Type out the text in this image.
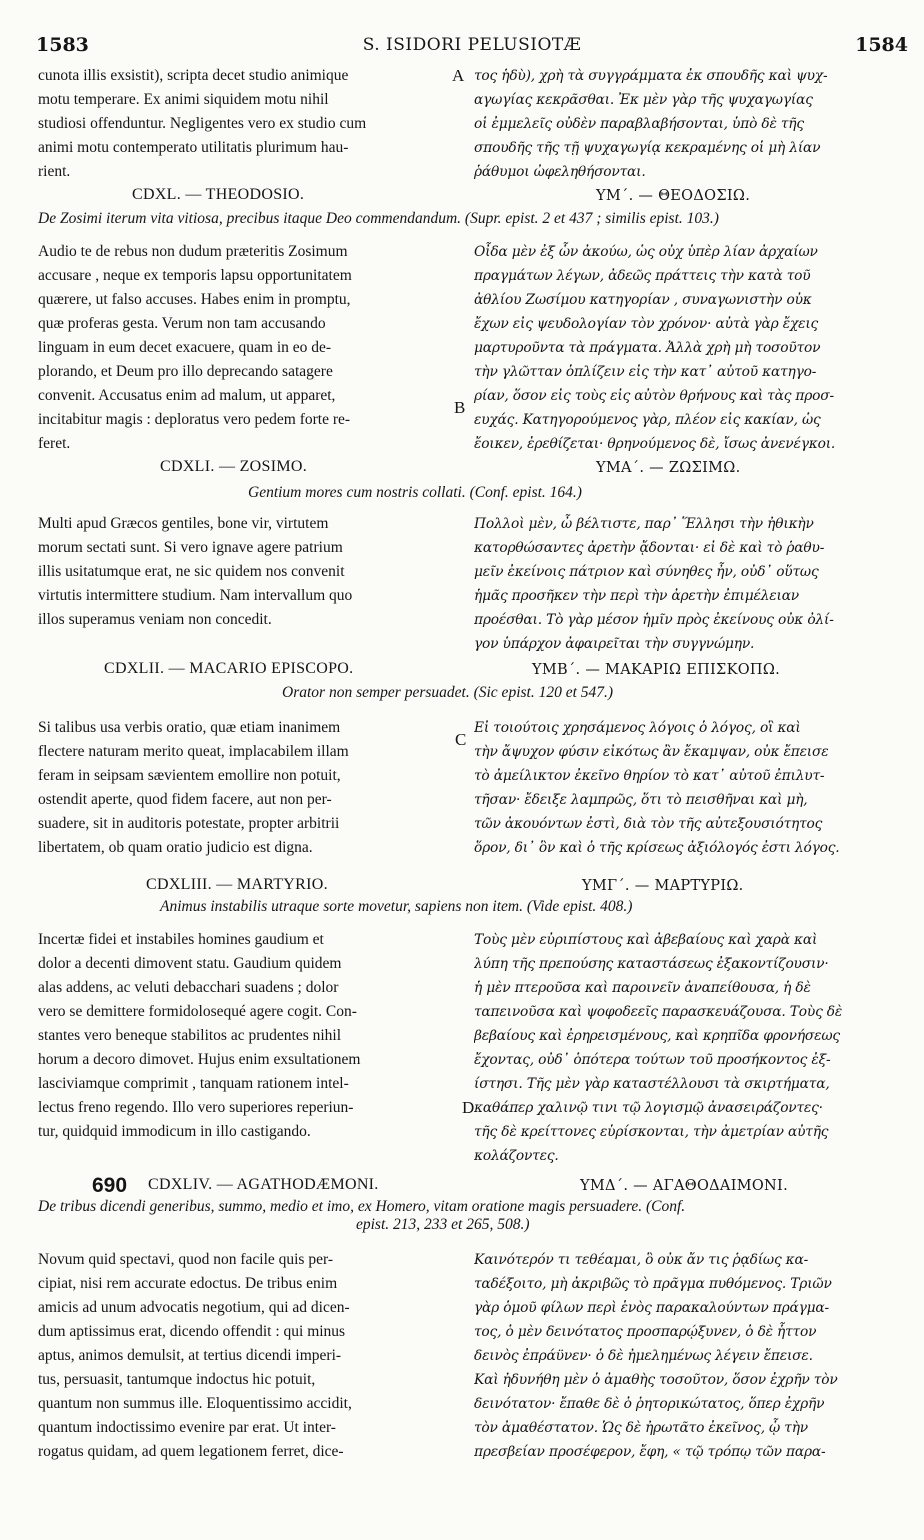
1583	S. ISIDORI PELUSIOTÆ	1584
cunota illis exsistit), scripta decet studio animique
motu temperare. Ex animi siquidem motu nihil
studiosi offenduntur. Negligentes vero ex studio cum
animi motu contemperato utilitatis plurimum hau-
rient.
A τος ἡδὺ), χρὴ τὰ συγγράμματα ἐκ σπουδῆς καὶ ψυχ-
αγωγίας κεκρᾶσθαι. Ἐκ μὲν γὰρ τῆς ψυχαγωγίας
οἱ ἐμμελεῖς οὐδὲν παραβλαβήσονται, ὑπὸ δὲ τῆς
σπουδῆς τῆς τῇ ψυχαγωγίᾳ κεκραμένης οἱ μὴ λίαν
ῥάθυμοι ὠφεληθήσονται.
CDXL. — THEODOSIO.	ΥΜ΄. — ΘΕΟΔΟΣΙΩ.
De Zosimi iterum vita vitiosa, precibus itaque Deo commendandum. (Supr. epist. 2 et 437 ; similis epist. 103.)
Audio te de rebus non dudum præteritis Zosimum
accusare , neque ex temporis lapsu opportunitatem
quærere, ut falso accuses. Habes enim in promptu,
quæ proferas gesta. Verum non tam accusando
linguam in eum decet exacuere, quam in eo de-
plorando, et Deum pro illo deprecando satagere
convenit. Accusatus enim ad malum, ut apparet,
incitabitur magis : deploratus vero pedem forte re-
feret.
B
Οἶδα μὲν ἐξ ὧν ἀκούω, ὡς οὐχ ὑπὲρ λίαν ἀρχαίων
πραγμάτων λέγων, ἀδεῶς πράττεις τὴν κατὰ τοῦ
ἀθλίου Ζωσίμου κατηγορίαν , συναγωνιστὴν οὐκ
ἔχων εἰς ψευδολογίαν τὸν χρόνον· αὐτὰ γὰρ ἔχεις
μαρτυροῦντα τὰ πράγματα. Ἀλλὰ χρὴ μὴ τοσοῦτον
τὴν γλῶτταν ὁπλίζειν εἰς τὴν κατ᾽ αὐτοῦ κατηγο-
ρίαν, ὅσον εἰς τοὺς εἰς αὐτὸν θρήνους καὶ τὰς προσ-
ευχάς. Κατηγορούμενος γὰρ, πλέον εἰς κακίαν, ὡς
ἔοικεν, ἐρεθίζεται· θρηνούμενος δὲ, ἴσως ἀνενέγκοι.
CDXLI. — ZOSIMO.	ΥΜΑ΄. — ΖΩΣΙΜΩ.
Gentium mores cum nostris collati. (Conf. epist. 164.)
Multi apud Græcos gentiles, bone vir, virtutem
morum sectati sunt. Si vero ignave agere patrium
illis usitatumque erat, ne sic quidem nos convenit
virtutis intermittere studium. Nam intervallum quo
illos superamus veniam non concedit.
Πολλοὶ μὲν, ὦ βέλτιστε, παρ᾽ Ἕλλησι τὴν ἠθικὴν
κατορθώσαντες ἀρετὴν ᾄδονται· εἰ δὲ καὶ τὸ ῥαθυ-
μεῖν ἐκείνοις πάτριον καὶ σύνηθες ἦν, οὐδ᾽ οὕτως
ἡμᾶς προσῆκεν τὴν περὶ τὴν ἀρετὴν ἐπιμέλειαν
προέσθαι. Τὸ γὰρ μέσον ἡμῖν πρὸς ἐκείνους οὐκ ὀλί-
γον ὑπάρχον ἀφαιρεῖται τὴν συγγνώμην.
CDXLII. — MACARIO EPISCOPO.	ΥΜΒ΄. — ΜΑΚΑΡΙΩ ΕΠΙΣΚΟΠΩ.
Orator non semper persuadet. (Sic epist. 120 et 547.)
Si talibus usa verbis oratio, quæ etiam inanimem
flectere naturam merito queat, implacabilem illam
feram in seipsam sævientem emollire non potuit,
ostendit aperte, quod fidem facere, aut non per-
suadere, sit in auditoris potestate, propter arbitrii
libertatem, ob quam oratio judicio est digna.
C
Εἰ τοιούτοις χρησάμενος λόγοις ὁ λόγος, οἳ καὶ
τὴν ἄψυχον φύσιν εἰκότως ἂν ἔκαμψαν, οὐκ ἔπεισε
τὸ ἀμείλικτον ἐκεῖνο θηρίον τὸ κατ᾽ αὐτοῦ ἐπιλυτ-
τῆσαν· ἔδειξε λαμπρῶς, ὅτι τὸ πεισθῆναι καὶ μὴ,
τῶν ἀκουόντων ἐστὶ, διὰ τὸν τῆς αὐτεξουσιότητος
ὅρον, δι᾽ ὃν καὶ ὁ τῆς κρίσεως ἀξιόλογός ἐστι λόγος.
CDXLIII. — MARTYRIO.	ΥΜΓ΄. — ΜΑΡΤΥΡΙΩ.
Animus instabilis utraque sorte movetur, sapiens non item. (Vide epist. 408.)
Incertæ fidei et instabiles homines gaudium et
dolor a decenti dimovent statu. Gaudium quidem
alas addens, ac veluti debacchari suadens ; dolor
vero se demittere formidolosequé agere cogit. Con-
stantes vero beneque stabilitos ac prudentes nihil
horum a decoro dimovet. Hujus enim exsultationem
lasciviamque comprimit , tanquam rationem intel-
lectus freno regendo. Illo vero superiores reperiun-
tur, quidquid immodicum in illo castigando.
D
Τοὺς μὲν εὐριπίστους καὶ ἀβεβαίους καὶ χαρὰ καὶ
λύπη τῆς πρεπούσης καταστάσεως ἐξακοντίζουσιν·
ἡ μὲν πτεροῦσα καὶ παροινεῖν ἀναπείθουσα, ἡ δὲ
ταπεινοῦσα καὶ ψοφοδεεῖς παρασκευάζουσα. Τοὺς δὲ
βεβαίους καὶ ἐρηρεισμένους, καὶ κρηπῖδα φρονήσεως
ἔχοντας, οὐδ᾽ ὁπότερα τούτων τοῦ προσήκοντος ἐξ-
ίστησι. Τῆς μὲν γὰρ καταστέλλουσι τὰ σκιρτήματα,
καθάπερ χαλινῷ τινι τῷ λογισμῷ ἀνασειράζοντες·
τῆς δὲ κρείττονες εὑρίσκονται, τὴν ἀμετρίαν αὐτῆς
κολάζοντες.
690 CDXLIV. — AGATHODÆMONI.	ΥΜΔ΄. — ΑΓΑΘΟΔΑΙΜΟΝΙ.
De tribus dicendi generibus, summo, medio et imo, ex Homero, vitam oratione magis persuadere. (Conf.
epist. 213, 233 et 265, 508.)
Novum quid spectavi, quod non facile quis per-
cipiat, nisi rem accurate edoctus. De tribus enim
amicis ad unum advocatis negotium, qui ad dicen-
dum aptissimus erat, dicendo offendit : qui minus
aptus, animos demulsit, at tertius dicendi imperi-
tus, persuasit, tantumque indoctus hic potuit,
quantum non summus ille. Eloquentissimo accidit,
quantum indoctissimo evenire par erat. Ut inter-
rogatus quidam, ad quem legationem ferret, dice-
Καινότερόν τι τεθέαμαι, ὃ οὐκ ἄν τις ῥᾳδίως κα-
ταδέξοιτο, μὴ ἀκριβῶς τὸ πρᾶγμα πυθόμενος. Τριῶν
γὰρ ὁμοῦ φίλων περὶ ἑνὸς παρακαλούντων πράγμα-
τος, ὁ μὲν δεινότατος προσπαρῴξυνεν, ὁ δὲ ἧττον
δεινὸς ἐπράϋνεν· ὁ δὲ ἠμελημένως λέγειν ἔπεισε.
Καὶ ἠδυνήθη μὲν ὁ ἀμαθὴς τοσοῦτον, ὅσον ἐχρῆν τὸν
δεινότατον· ἔπαθε δὲ ὁ ῥητορικώτατος, ὅπερ ἐχρῆν
τὸν ἀμαθέστατον. Ὡς δὲ ἠρωτᾶτο ἐκεῖνος, ᾧ τὴν
πρεσβείαν προσέφερον, ἔφη, « τῷ τρόπῳ τῶν παρα-
